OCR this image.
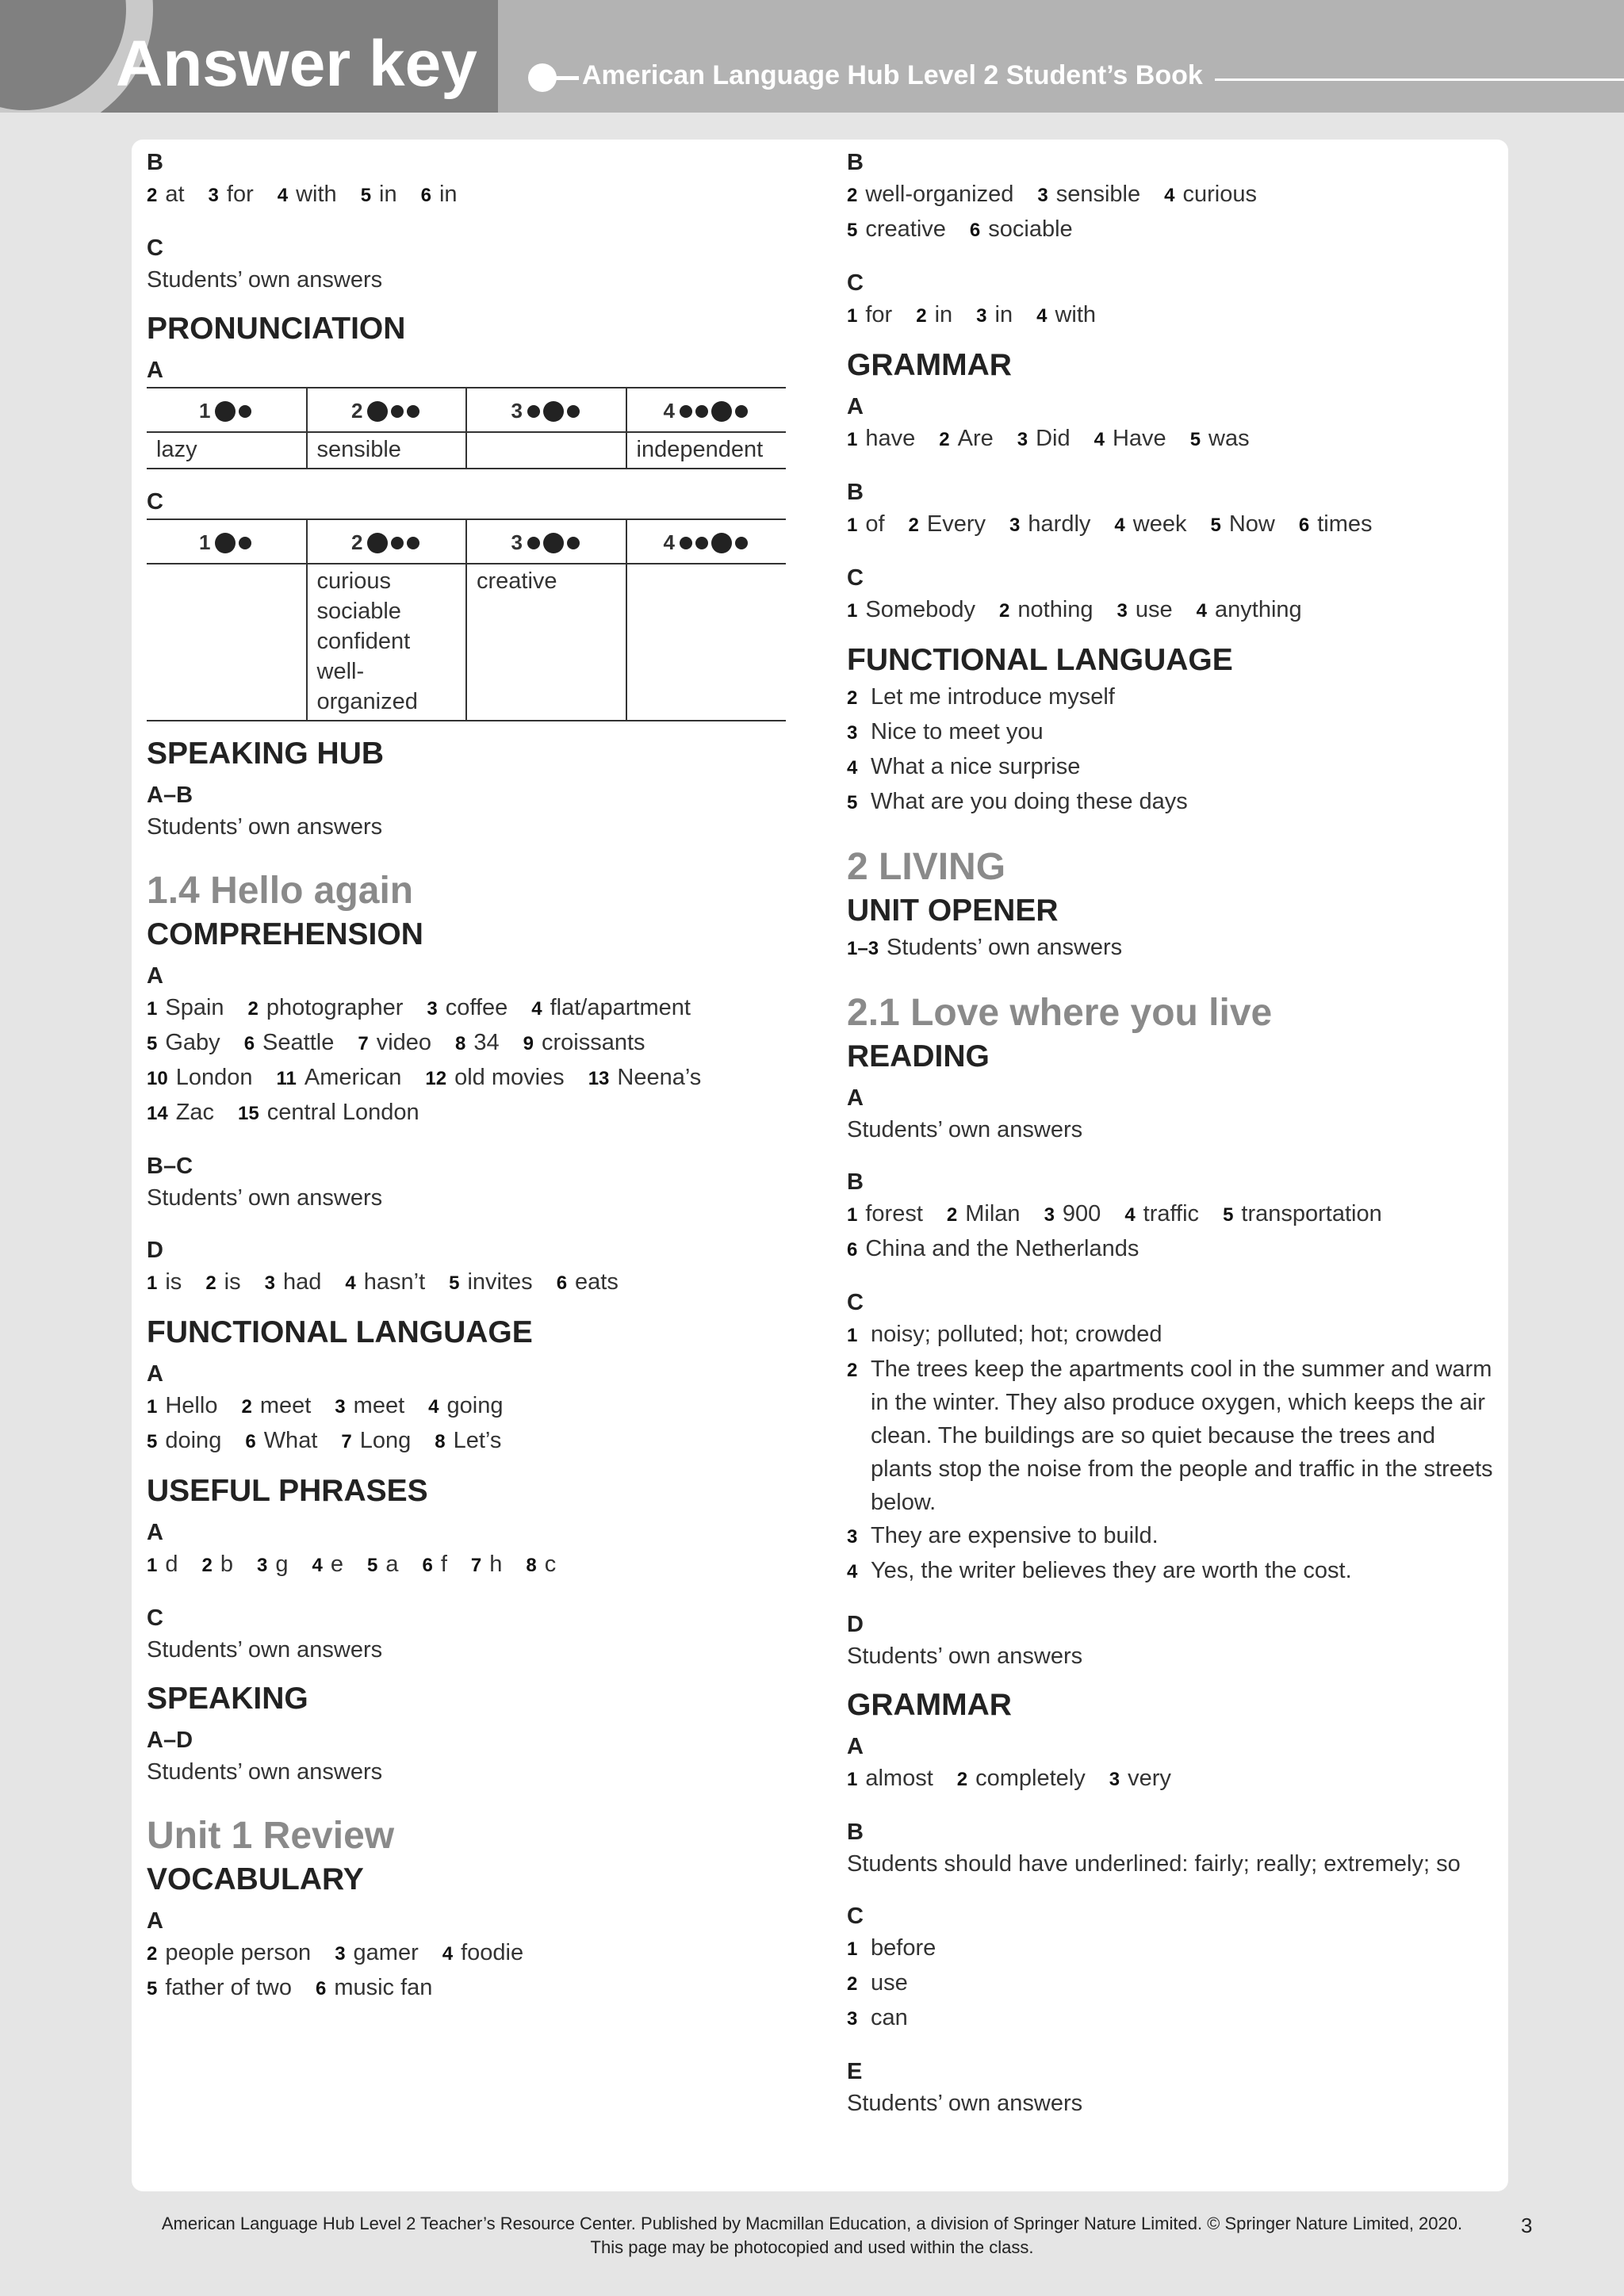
Answer key	American Language Hub Level 2 Student’s Book
B
2 at 3 for 4 with 5 in 6 in
C
Students’ own answers
PRONUNCIATION
A
1	2	3	4
lazy	sensible		independent
C
1	2	3	4
	curious
sociable
confident
well-organized	creative	
SPEAKING HUB
A–B
Students’ own answers
1.4 Hello again
COMPREHENSION
A
1 Spain 2 photographer 3 coffee 4 flat/apartment
5 Gaby 6 Seattle 7 video 8 34 9 croissants
10 London 11 American 12 old movies 13 Neena’s
14 Zac 15 central London
B–C
Students’ own answers
D
1 is 2 is 3 had 4 hasn’t 5 invites 6 eats
FUNCTIONAL LANGUAGE
A
1 Hello 2 meet 3 meet 4 going
5 doing 6 What 7 Long 8 Let’s
USEFUL PHRASES
A
1 d 2 b 3 g 4 e 5 a 6 f 7 h 8 c
C
Students’ own answers
SPEAKING
A–D
Students’ own answers
Unit 1 Review
VOCABULARY
A
2 people person 3 gamer 4 foodie
5 father of two 6 music fan
B
2 well-organized 3 sensible 4 curious
5 creative 6 sociable
C
1 for 2 in 3 in 4 with
GRAMMAR
A
1 have 2 Are 3 Did 4 Have 5 was
B
1 of 2 Every 3 hardly 4 week 5 Now 6 times
C
1 Somebody 2 nothing 3 use 4 anything
FUNCTIONAL LANGUAGE
2 Let me introduce myself
3 Nice to meet you
4 What a nice surprise
5 What are you doing these days
2 LIVING
UNIT OPENER
1–3 Students’ own answers
2.1 Love where you live
READING
A
Students’ own answers
B
1 forest 2 Milan 3 900 4 traffic 5 transportation
6 China and the Netherlands
C
1 noisy; polluted; hot; crowded
2 The trees keep the apartments cool in the summer and warm in the winter. They also produce oxygen, which keeps the air clean. The buildings are so quiet because the trees and plants stop the noise from the people and traffic in the streets below.
3 They are expensive to build.
4 Yes, the writer believes they are worth the cost.
D
Students’ own answers
GRAMMAR
A
1 almost 2 completely 3 very
B
Students should have underlined: fairly; really; extremely; so
C
1 before
2 use
3 can
E
Students’ own answers
American Language Hub Level 2 Teacher’s Resource Center. Published by Macmillan Education, a division of Springer Nature Limited. © Springer Nature Limited, 2020.
This page may be photocopied and used within the class.
3
